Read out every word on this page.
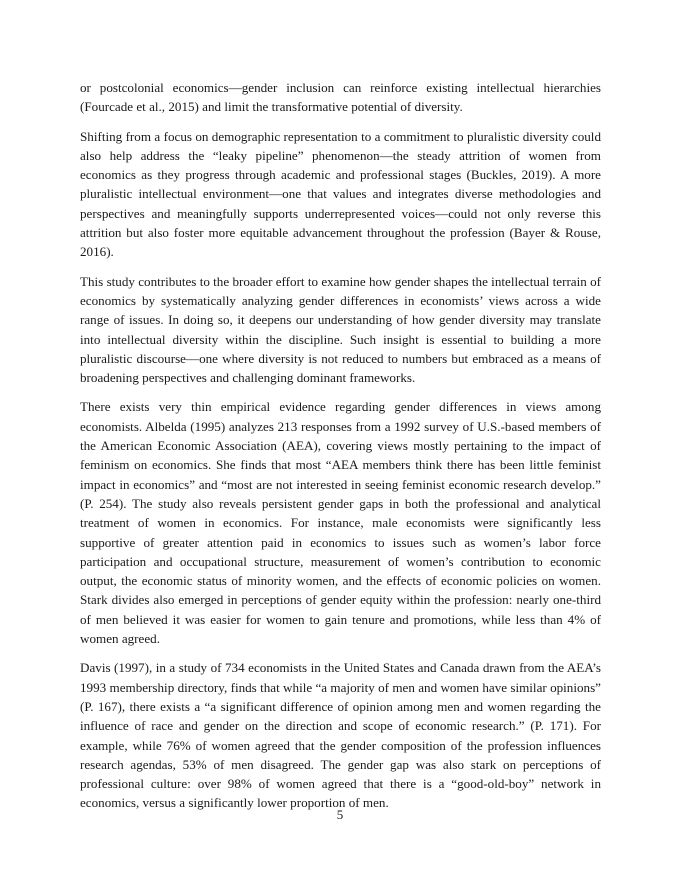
or postcolonial economics—gender inclusion can reinforce existing intellectual hierarchies (Fourcade et al., 2015) and limit the transformative potential of diversity.

Shifting from a focus on demographic representation to a commitment to pluralistic diversity could also help address the “leaky pipeline” phenomenon—the steady attrition of women from economics as they progress through academic and professional stages (Buckles, 2019). A more pluralistic intellectual environment—one that values and integrates diverse methodologies and perspectives and meaningfully supports underrepresented voices—could not only reverse this attrition but also foster more equitable advancement throughout the profession (Bayer & Rouse, 2016).

This study contributes to the broader effort to examine how gender shapes the intellectual terrain of economics by systematically analyzing gender differences in economists’ views across a wide range of issues. In doing so, it deepens our understanding of how gender diversity may translate into intellectual diversity within the discipline. Such insight is essential to building a more pluralistic discourse—one where diversity is not reduced to numbers but embraced as a means of broadening perspectives and challenging dominant frameworks.

There exists very thin empirical evidence regarding gender differences in views among economists. Albelda (1995) analyzes 213 responses from a 1992 survey of U.S.-based members of the American Economic Association (AEA), covering views mostly pertaining to the impact of feminism on economics. She finds that most “AEA members think there has been little feminist impact in economics” and “most are not interested in seeing feminist economic research develop.” (P. 254). The study also reveals persistent gender gaps in both the professional and analytical treatment of women in economics. For instance, male economists were significantly less supportive of greater attention paid in economics to issues such as women’s labor force participation and occupational structure, measurement of women’s contribution to economic output, the economic status of minority women, and the effects of economic policies on women. Stark divides also emerged in perceptions of gender equity within the profession: nearly one-third of men believed it was easier for women to gain tenure and promotions, while less than 4% of women agreed.

Davis (1997), in a study of 734 economists in the United States and Canada drawn from the AEA’s 1993 membership directory, finds that while “a majority of men and women have similar opinions” (P. 167), there exists a “a significant difference of opinion among men and women regarding the influence of race and gender on the direction and scope of economic research.” (P. 171). For example, while 76% of women agreed that the gender composition of the profession influences research agendas, 53% of men disagreed. The gender gap was also stark on perceptions of professional culture: over 98% of women agreed that there is a “good-old-boy” network in economics, versus a significantly lower proportion of men.

5
